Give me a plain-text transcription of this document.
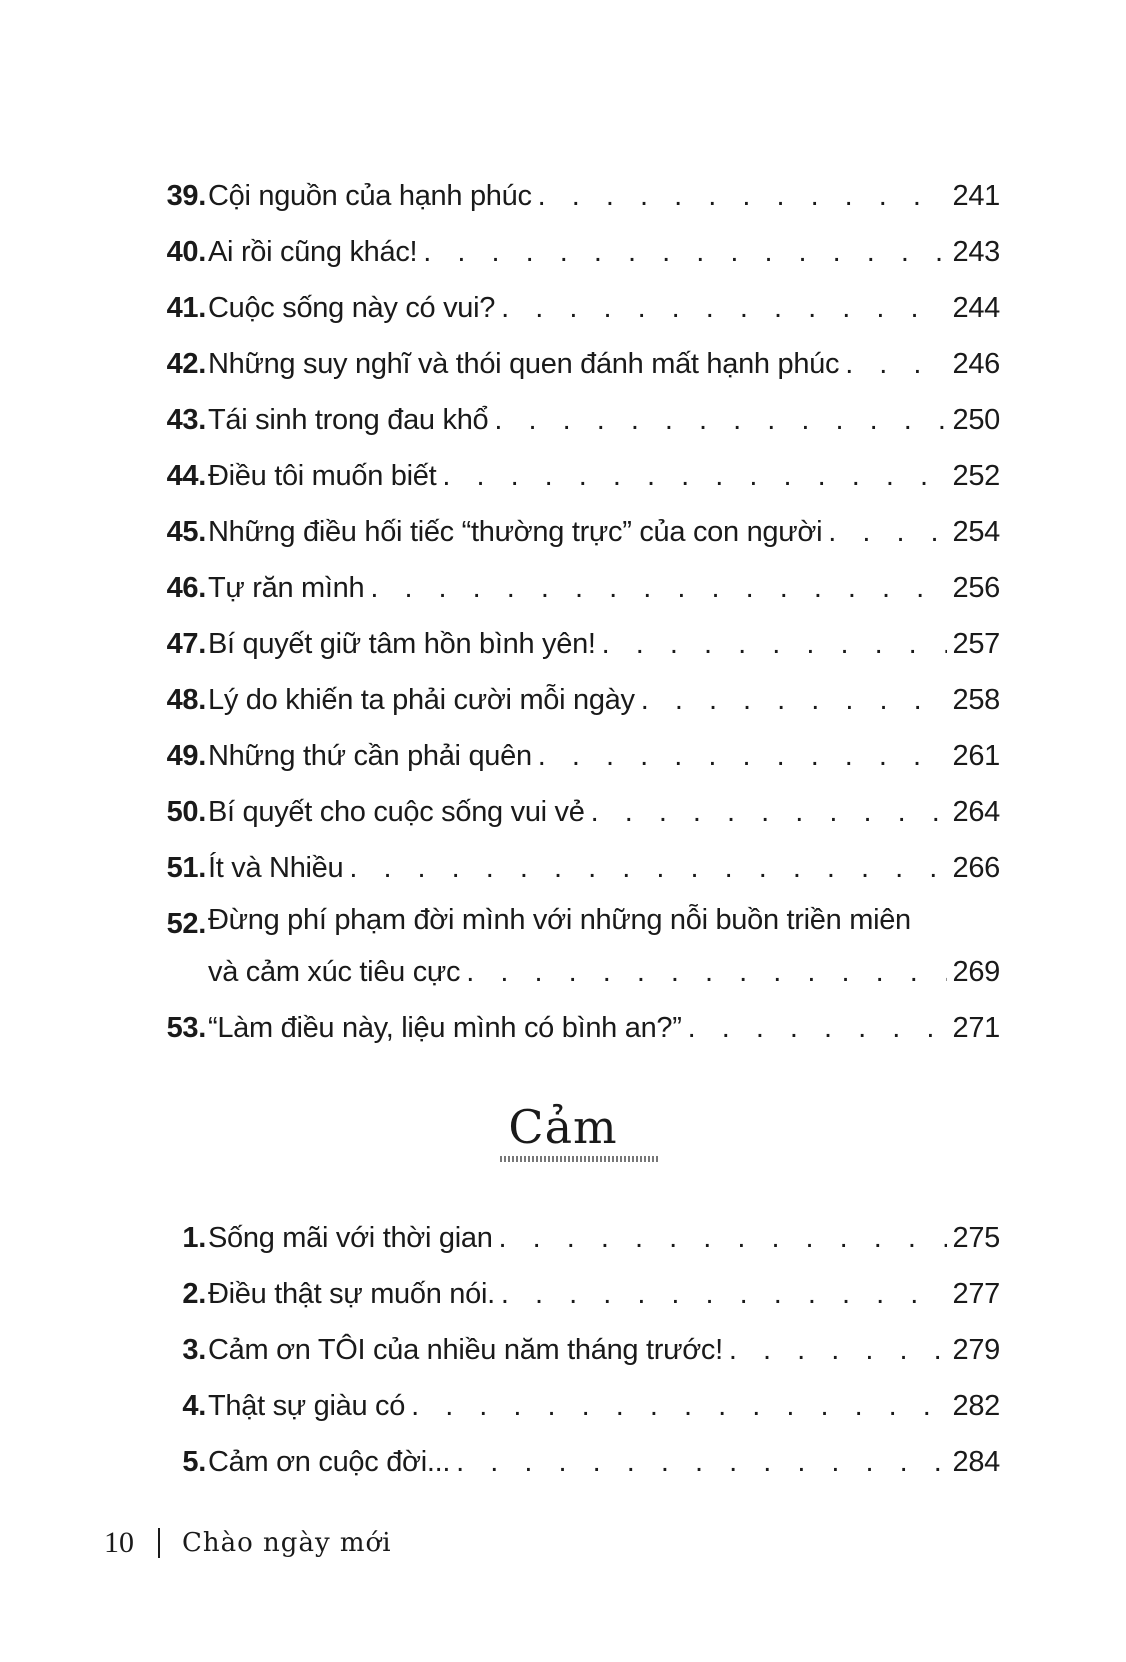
39. Cội nguồn của hạnh phúc . . .	241
40. Ai rồi cũng khác! . . .	243
41. Cuộc sống này có vui? . . .	244
42. Những suy nghĩ và thói quen đánh mất hạnh phúc . . .	246
43. Tái sinh trong đau khổ . . .	250
44. Điều tôi muốn biết . . .	252
45. Những điều hối tiếc “thường trực” của con người . . .	254
46. Tự răn mình . . .	256
47. Bí quyết giữ tâm hồn bình yên! . . .	257
48. Lý do khiến ta phải cười mỗi ngày . . .	258
49. Những thứ cần phải quên . . .	261
50. Bí quyết cho cuộc sống vui vẻ . . .	264
51. Ít và Nhiều . . .	266
52. Đừng phí phạm đời mình với những nỗi buồn triền miên
và cảm xúc tiêu cực . . .	269
53. “Làm điều này, liệu mình có bình an?” . . .	271
Cảm
1. Sống mãi với thời gian . . .	275
2. Điều thật sự muốn nói. . . .	277
3. Cảm ơn TÔI của nhiều năm tháng trước! . . .	279
4. Thật sự giàu có . . .	282
5. Cảm ơn cuộc đời... . . .	284
10 Chào ngày mới
